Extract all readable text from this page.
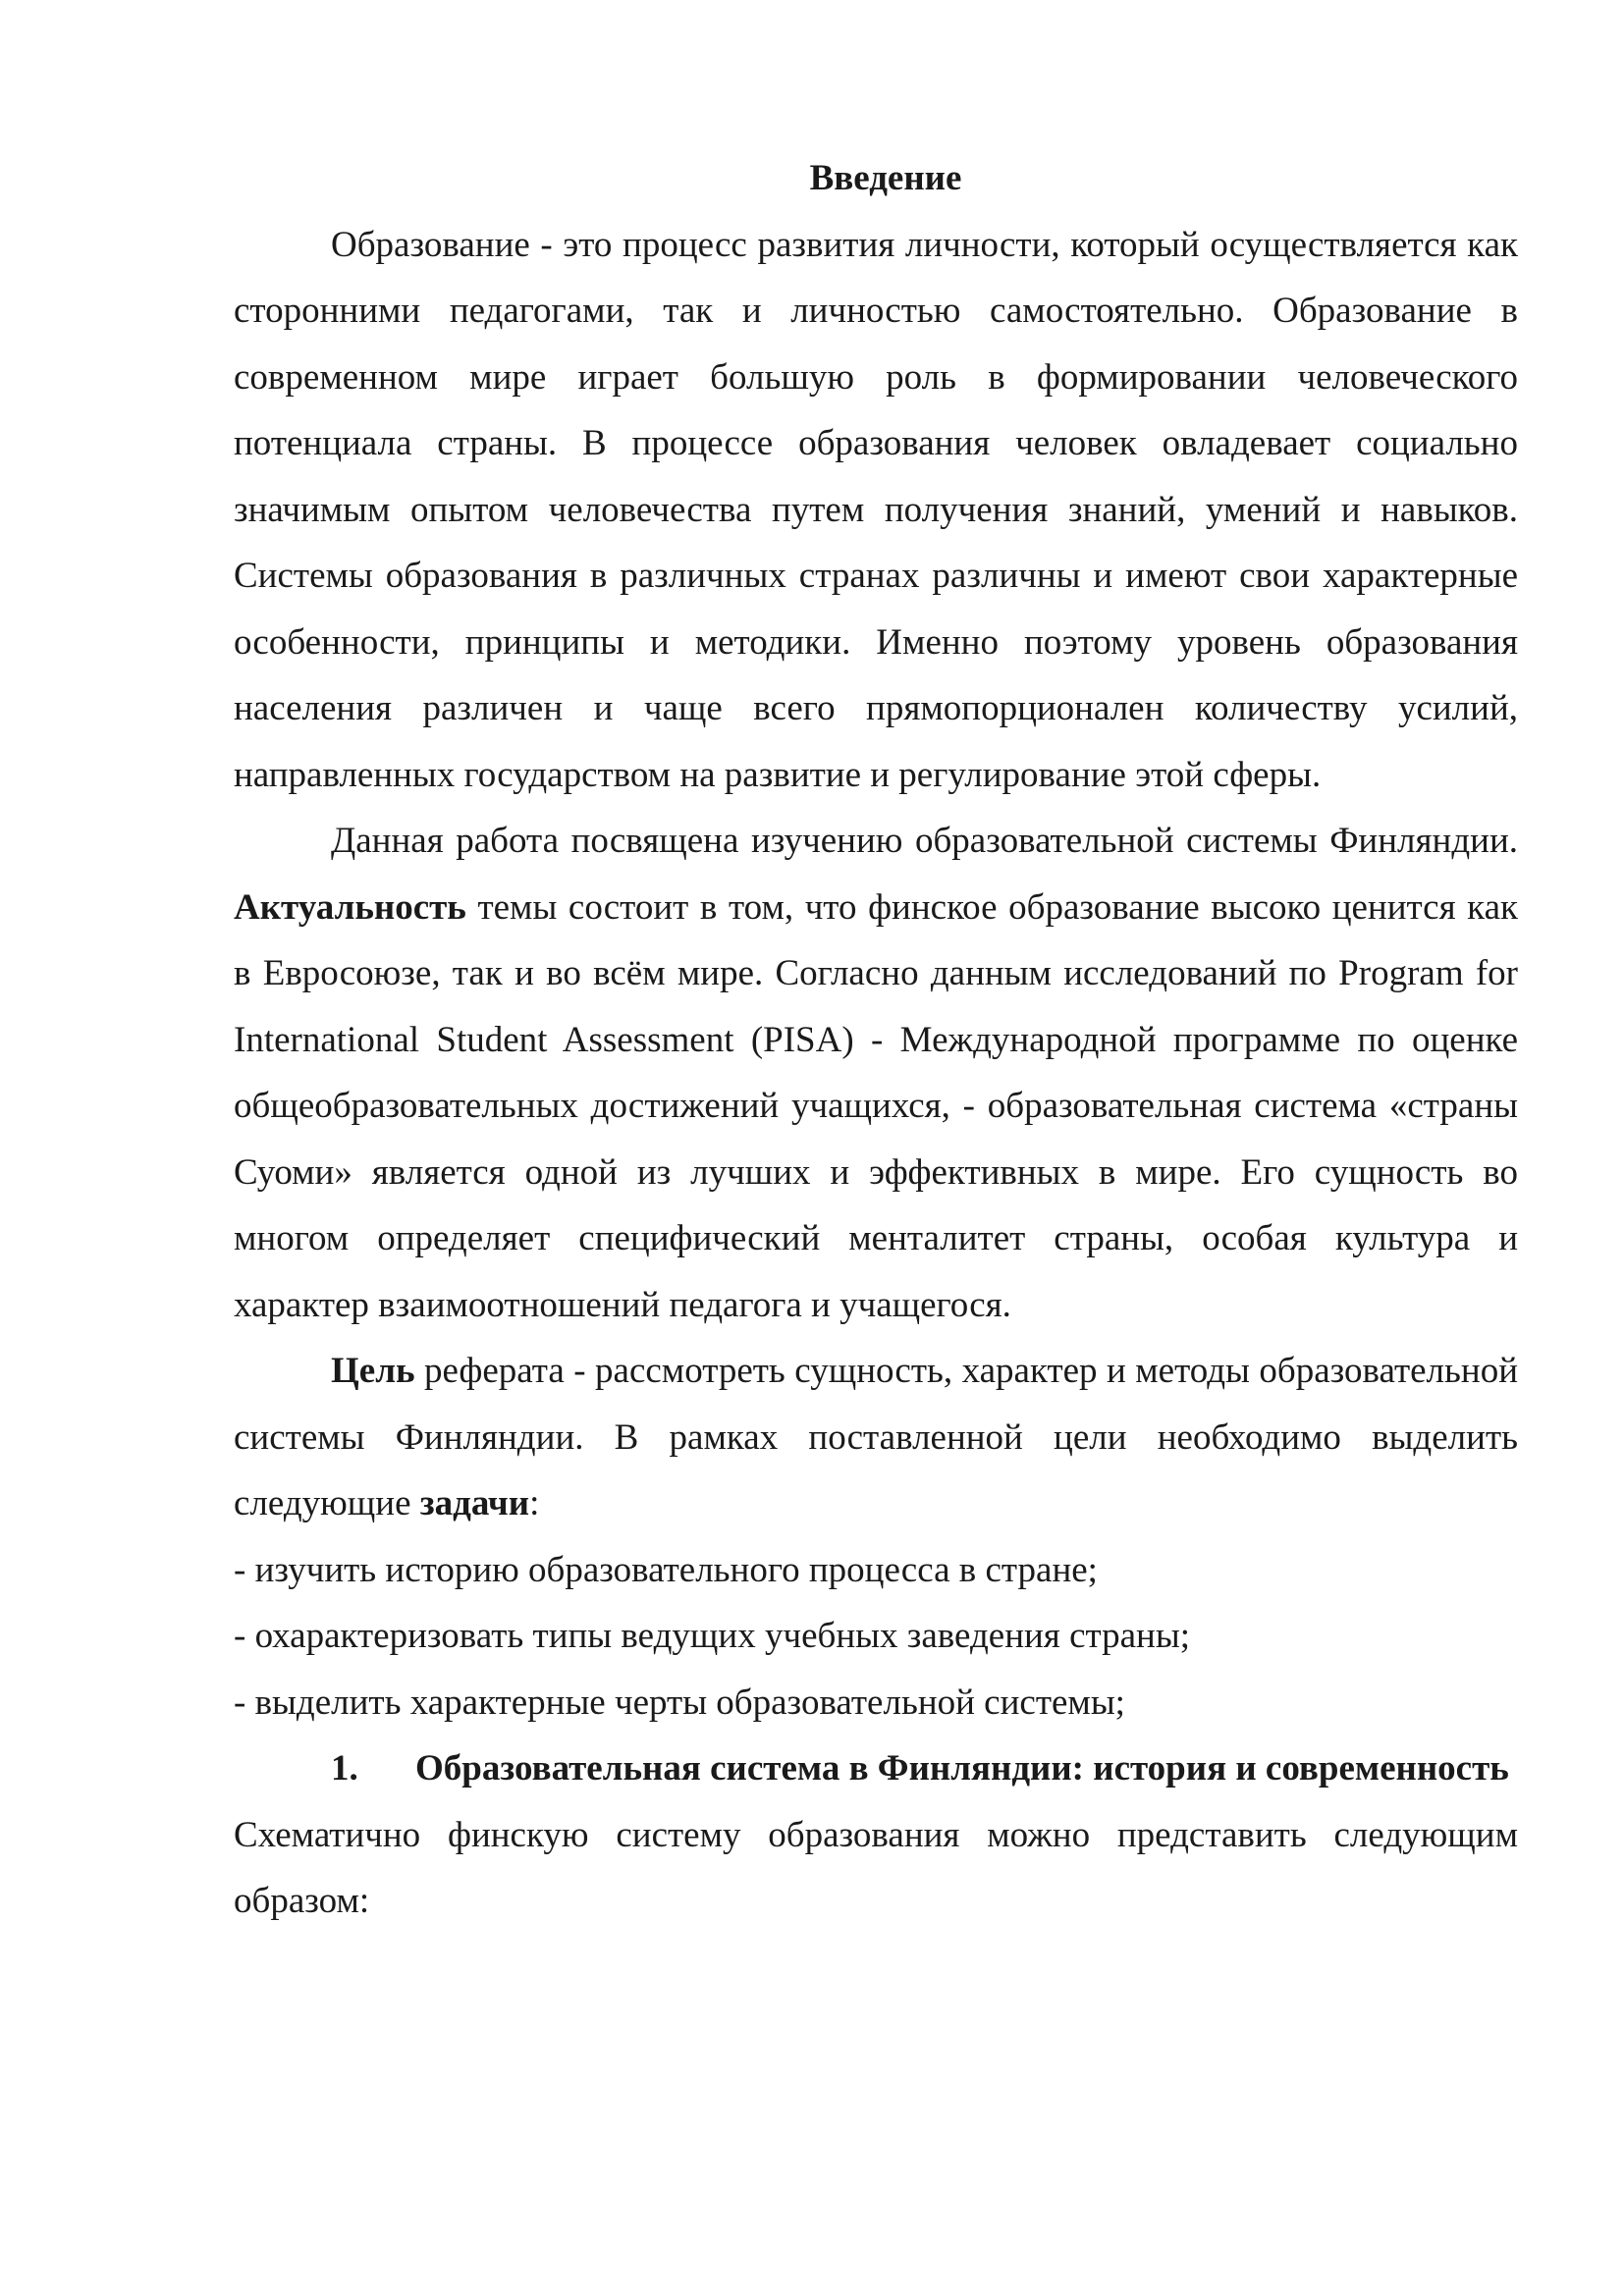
Введение

Образование - это процесс развития личности, который осуществляется как сторонними педагогами, так и личностью самостоятельно. Образование в современном мире играет большую роль в формировании человеческого потенциала страны. В процессе образования человек овладевает социально значимым опытом человечества путем получения знаний, умений и навыков. Системы образования в различных странах различны и имеют свои характерные особенности, принципы и методики. Именно поэтому уровень образования населения различен и чаще всего прямопорционален количеству усилий, направленных государством на развитие и регулирование этой сферы.

Данная работа посвящена изучению образовательной системы Финляндии. Актуальность темы состоит в том, что финское образование высоко ценится как в Евросоюзе, так и во всём мире. Согласно данным исследований по Program for International Student Assessment (PISA) - Международной программе по оценке общеобразовательных достижений учащихся, - образовательная система «страны Суоми» является одной из лучших и эффективных в мире. Его сущность во многом определяет специфический менталитет страны, особая культура и характер взаимоотношений педагога и учащегося.

Цель реферата - рассмотреть сущность, характер и методы образовательной системы Финляндии. В рамках поставленной цели необходимо выделить следующие задачи:

- изучить историю образовательного процесса в стране;

- охарактеризовать типы ведущих учебных заведения страны;

- выделить характерные черты образовательной системы;

1. Образовательная система в Финляндии: история и современность

Схематично финскую систему образования можно представить следующим образом:
